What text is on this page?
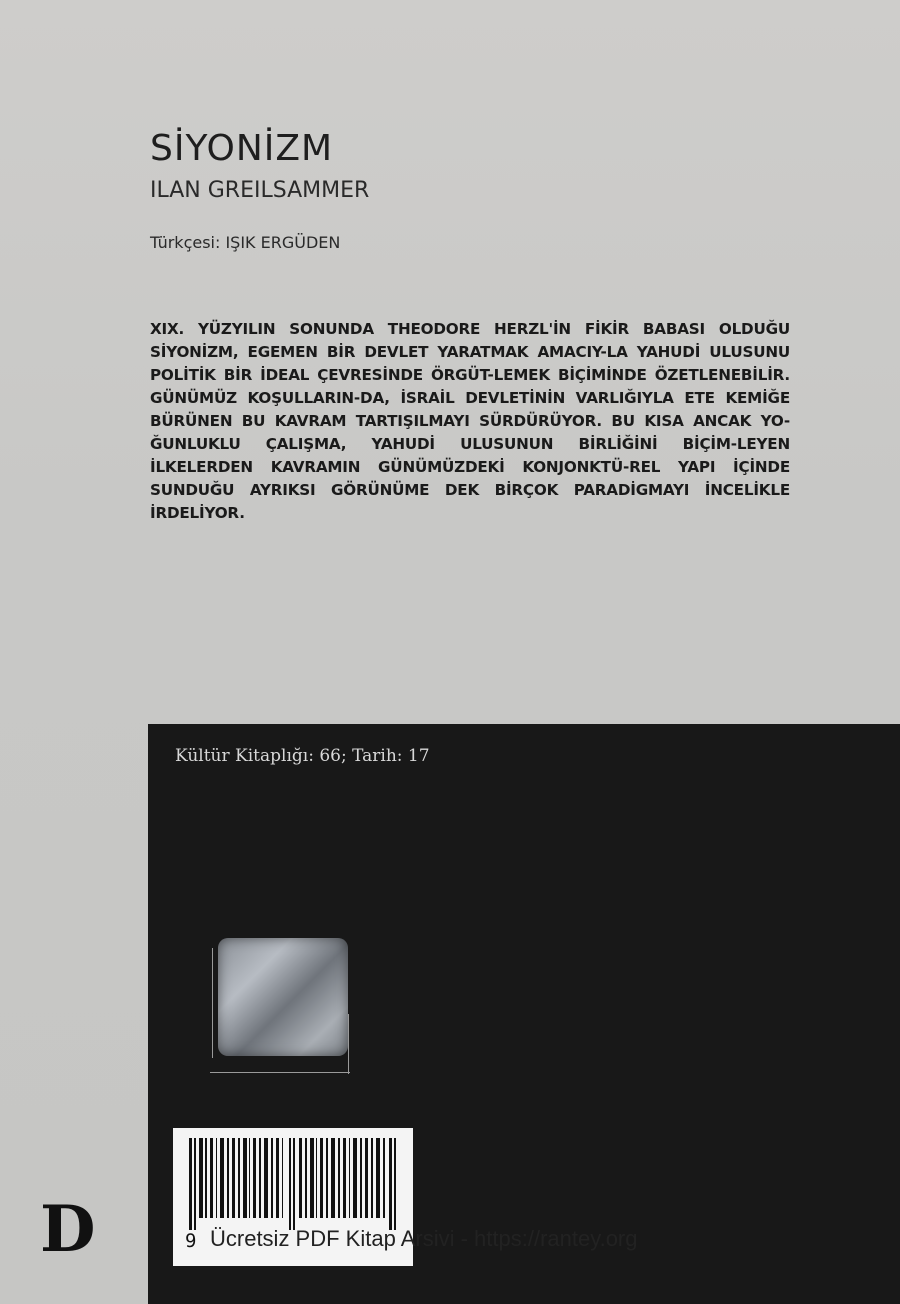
SİYONİZM
ILAN GREILSAMMER
Türkçesi: IŞIK ERGÜDEN
XIX. YÜZYILIN SONUNDA THEODORE HERZL'İN FİKİR BABASI OLDUĞU SİYONİZM, EGEMEN BİR DEVLET YARATMAK AMACIY-LA YAHUDİ ULUSUNU POLİTİK BİR İDEAL ÇEVRESİNDE ÖRGÜT-LEMEK BİÇİMİNDE ÖZETLENEBİLİR. GÜNÜMÜZ KOŞULLARIN-DA, İSRAİL DEVLETİNİN VARLIĞIYLA ETE KEMİĞE BÜRÜNEN BU KAVRAM TARTIŞILMAYI SÜRDÜRÜYOR. BU KISA ANCAK YO-ĞUNLUKLU ÇALIŞMA, YAHUDİ ULUSUNUN BİRLİĞİNİ BİÇİM-LEYEN İLKELERDEN KAVRAMIN GÜNÜMÜZDEKİ KONJONKTÜ-REL YAPI İÇİNDE SUNDUĞU AYRIKSI GÖRÜNÜME DEK BİRÇOK PARADİGMAYI İNCELİKLE İRDELİYOR.
Kültür Kitaplığı: 66; Tarih: 17
9 Ücretsiz PDF Kitap Arsivi - https://rantey.org
D
